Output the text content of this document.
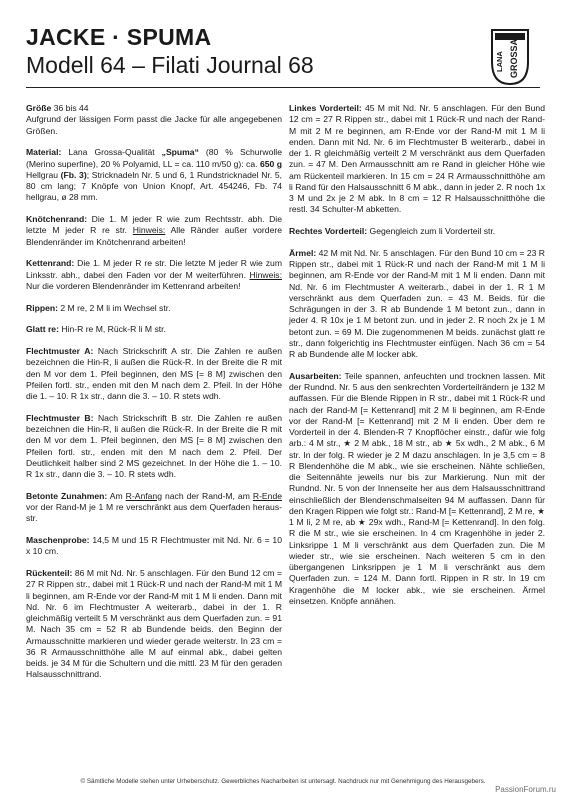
JACKE · SPUMA
Modell 64 – Filati Journal 68	LANA GROSSA

Größe 36 bis 44
Aufgrund der lässigen Form passt die Jacke für alle angegebenen Größen.

Material: Lana Grossa-Qualität „Spuma“ (80 % Schurwolle (Merino superfine), 20 % Polyamid, LL = ca. 110 m/50 g): ca. 650 g Hellgrau (Fb. 3); Stricknadeln Nr. 5 und 6, 1 Rundstricknadel Nr. 5, 80 cm lang; 7 Knöpfe von Union Knopf, Art. 454246, Fb. 74 hellgrau, ø 28 mm.

Knötchenrand: Die 1. M jeder R wie zum Rechtsstr. abh. Die letzte M jeder R re str. Hinweis: Alle Ränder außer vordere Blendenränder im Knötchenrand arbeiten!

Kettenrand: Die 1. M jeder R re str. Die letzte M jeder R wie zum Linksstr. abh., dabei den Faden vor der M weiterführen. Hinweis: Nur die vorderen Blendenränder im Kettenrand arbeiten!

Rippen: 2 M re, 2 M li im Wechsel str.

Glatt re: Hin-R re M, Rück-R li M str.

Flechtmuster A: Nach Strickschrift A str. Die Zahlen re außen bezeichnen die Hin-R, li außen die Rück-R. In der Breite die R mit den M vor dem 1. Pfeil beginnen, den MS [= 8 M] zwischen den Pfeilen fortl. str., enden mit den M nach dem 2. Pfeil. In der Höhe die 1. – 10. R 1x str., dann die 3. – 10. R stets wdh.

Flechtmuster B: Nach Strickschrift B str. Die Zahlen re außen bezeichnen die Hin-R, li außen die Rück-R. In der Breite die R mit den M vor dem 1. Pfeil beginnen, den MS [= 8 M] zwischen den Pfeilen fortl. str., enden mit den M nach dem 2. Pfeil. Der Deutlichkeit halber sind 2 MS gezeichnet. In der Höhe die 1. – 10. R 1x str., dann die 3. – 10. R stets wdh.

Betonte Zunahmen: Am R-Anfang nach der Rand-M, am R-Ende vor der Rand-M je 1 M re verschränkt aus dem Querfaden herausstr.

Maschenprobe: 14,5 M und 15 R Flechtmuster mit Nd. Nr. 6 = 10 x 10 cm.

Rückenteil: 86 M mit Nd. Nr. 5 anschlagen. Für den Bund 12 cm = 27 R Rippen str., dabei mit 1 Rück-R und nach der Rand-M mit 1 M li beginnen, am R-Ende vor der Rand-M mit 1 M li enden. Dann mit Nd. Nr. 6 im Flechtmuster A weiterarb., dabei in der 1. R gleichmäßig verteilt 5 M verschränkt aus dem Querfaden zun. = 91 M. Nach 35 cm = 52 R ab Bundende beids. den Beginn der Armausschnitte markieren und wieder gerade weiterstr. In 23 cm = 36 R Armausschnitthöhe alle M auf einmal abk., dabei gelten beids. je 34 M für die Schultern und die mittl. 23 M für den geraden Halsausschnittrand.

Linkes Vorderteil: 45 M mit Nd. Nr. 5 anschlagen. Für den Bund 12 cm = 27 R Rippen str., dabei mit 1 Rück-R und nach der Rand-M mit 2 M re beginnen, am R-Ende vor der Rand-M mit 1 M li enden. Dann mit Nd. Nr. 6 im Flechtmuster B weiterarb., dabei in der 1. R gleichmäßig verteilt 2 M verschränkt aus dem Querfaden zun. = 47 M. Den Armausschnitt am re Rand in gleicher Höhe wie am Rückenteil markieren. In 15 cm = 24 R Armausschnitthöhe am li Rand für den Halsausschnitt 6 M abk., dann in jeder 2. R noch 1x 3 M und 2x je 2 M abk. In 8 cm = 12 R Halsausschnitthöhe die restl. 34 Schulter-M abketten.

Rechtes Vorderteil: Gegengleich zum li Vorderteil str.

Ärmel: 42 M mit Nd. Nr. 5 anschlagen. Für den Bund 10 cm = 23 R Rippen str., dabei mit 1 Rück-R und nach der Rand-M mit 1 M li beginnen, am R-Ende vor der Rand-M mit 1 M li enden. Dann mit Nd. Nr. 6 im Flechtmuster A weiterarb., dabei in der 1. R 1 M verschränkt aus dem Querfaden zun. = 43 M. Beids. für die Schrägungen in der 3. R ab Bundende 1 M betont zun., dann in jeder 4. R 10x je 1 M betont zun. und in jeder 2. R noch 2x je 1 M betont zun. = 69 M. Die zugenommenen M beids. zunächst glatt re str., dann folgerichtig ins Flechtmuster einfügen. Nach 36 cm = 54 R ab Bundende alle M locker abk.

Ausarbeiten: Teile spannen, anfeuchten und trocknen lassen. Mit der Rundnd. Nr. 5 aus den senkrechten Vorderteilrändern je 132 M auffassen. Für die Blende Rippen in R str., dabei mit 1 Rück-R und nach der Rand-M [= Kettenrand] mit 2 M li beginnen, am R-Ende vor der Rand-M [= Kettenrand] mit 2 M li enden. Über dem re Vorderteil in der 4. Blenden-R 7 Knopflöcher einstr., dafür wie folg arb.: 4 M str., ★ 2 M abk., 18 M str., ab ★ 5x wdh., 2 M abk., 6 M str. In der folg. R wieder je 2 M dazu anschlagen. In je 3,5 cm = 8 R Blendenhöhe die M abk., wie sie erscheinen. Nähte schließen, die Seitennähte jeweils nur bis zur Markierung. Nun mit der Rundnd. Nr. 5 von der Innenseite her aus dem Halsausschnittrand einschließlich der Blendenschmalseiten 94 M auffassen. Dann für den Kragen Rippen wie folgt str.: Rand-M [= Kettenrand], 2 M re, ★ 1 M li, 2 M re, ab ★ 29x wdh., Rand-M [= Kettenrand]. In den folg. R die M str., wie sie erscheinen. In 4 cm Kragenhöhe in jeder 2. Linksrippe 1 M li verschränkt aus dem Querfaden zun. Die M wieder str., wie sie erscheinen. Nach weiteren 5 cm in den übergangenen Linksrippen je 1 M li verschränkt aus dem Querfaden zun. = 124 M. Dann fortl. Rippen in R str. In 19 cm Kragenhöhe die M locker abk., wie sie erscheinen. Ärmel einsetzen. Knöpfe annähen.

© Sämtliche Modelle stehen unter Urheberschutz. Gewerbliches Nacharbeiten ist untersagt. Nachdruck nur mit Genehmigung des Herausgebers.
PassionForum.ru
